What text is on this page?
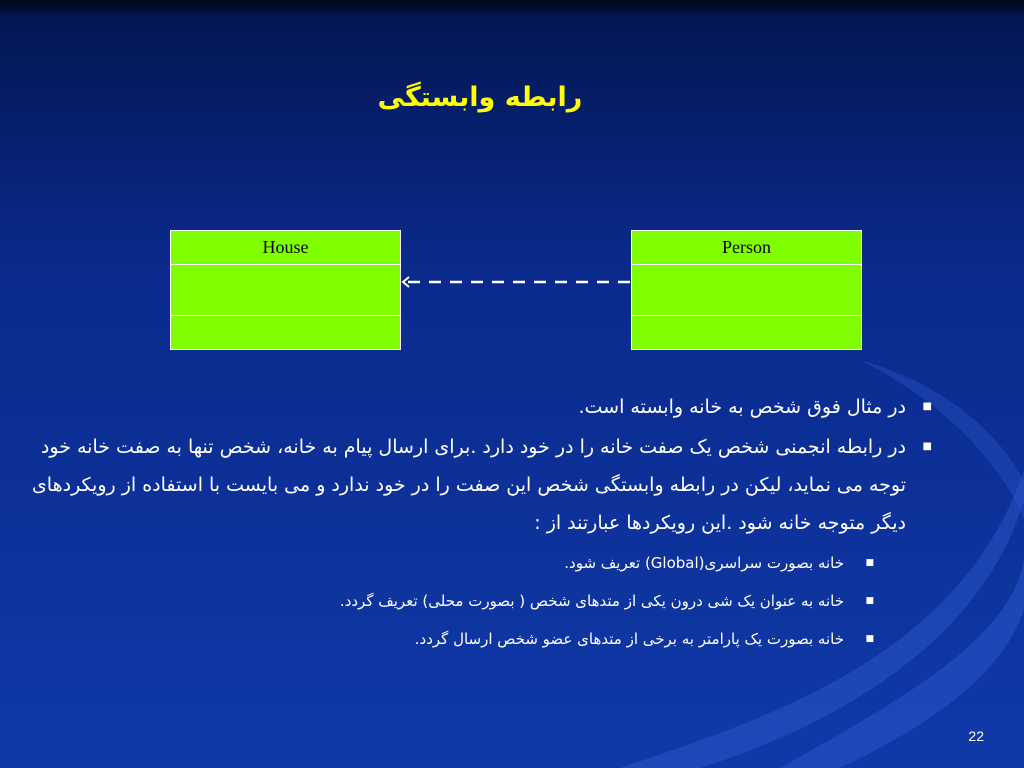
رابطه وابستگی
House	Person
■
در مثال فوق شخص به خانه وابسته است.
■
در رابطه انجمنی شخص یک صفت خانه را در خود دارد .برای ارسال پیام به خانه، شخص تنها به صفت خانه خود توجه می نماید، لیکن در رابطه وابستگی شخص این صفت را در خود ندارد و می بایست با استفاده از رویکردهای دیگر متوجه خانه شود .این رویکردها عبارتند از :
■
خانه بصورت سراسری(Global) تعریف شود.
■
خانه به عنوان یک شی درون یکی از متدهای شخص ( بصورت محلی) تعریف گردد.
■
خانه بصورت یک پارامتر به برخی از متدهای عضو شخص ارسال گردد.
22
